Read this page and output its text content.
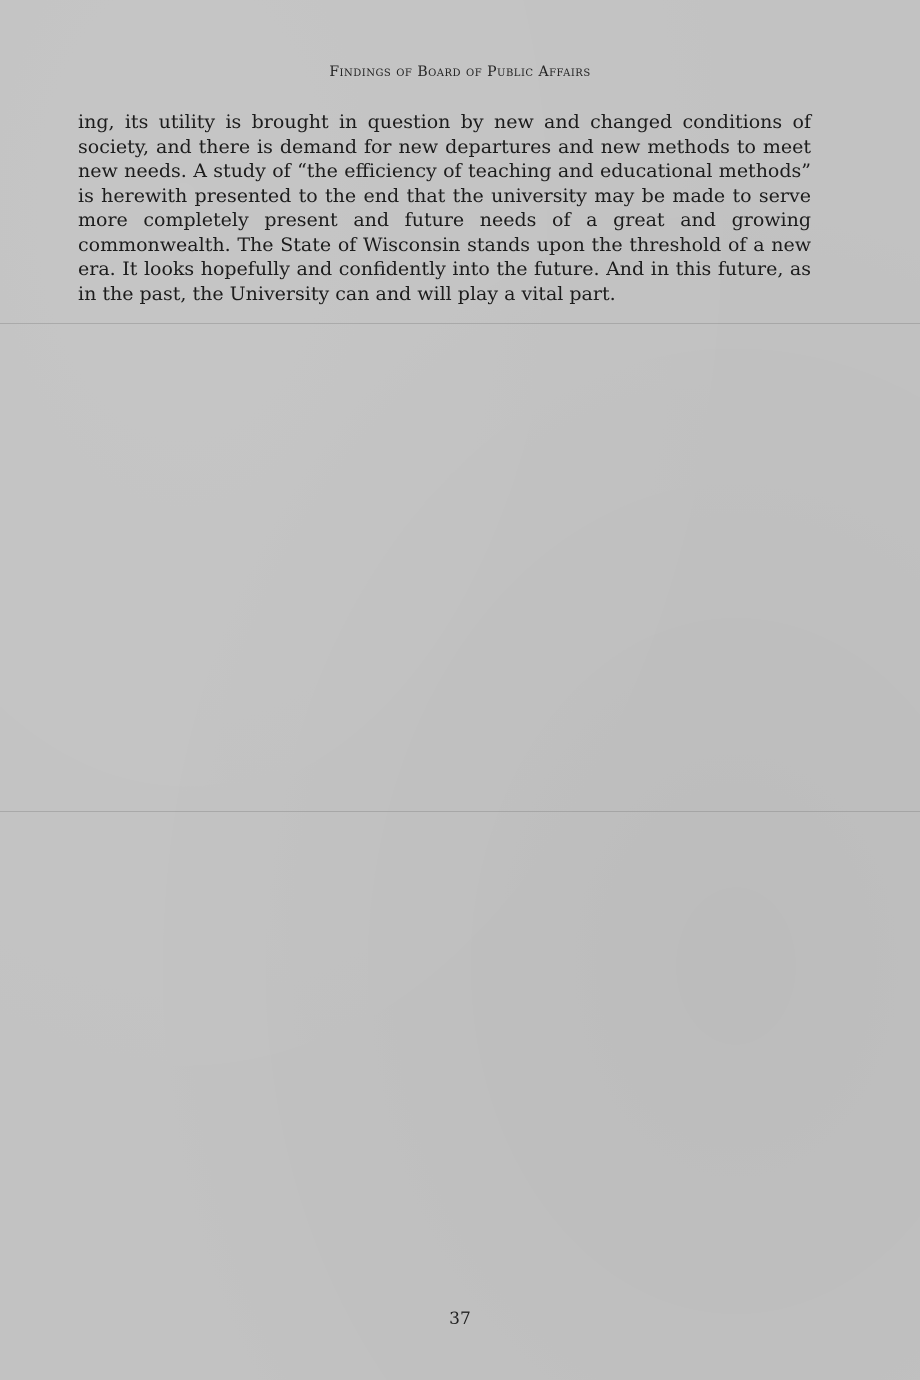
Findings of Board of Public Affairs

ing, its utility is brought in question by new and changed conditions of society, and there is demand for new departures and new methods to meet new needs. A study of “the efficiency of teaching and educational methods” is herewith presented to the end that the university may be made to serve more completely present and future needs of a great and growing commonwealth. The State of Wisconsin stands upon the threshold of a new era. It looks hopefully and confidently into the future. And in this future, as in the past, the University can and will play a vital part.

37
